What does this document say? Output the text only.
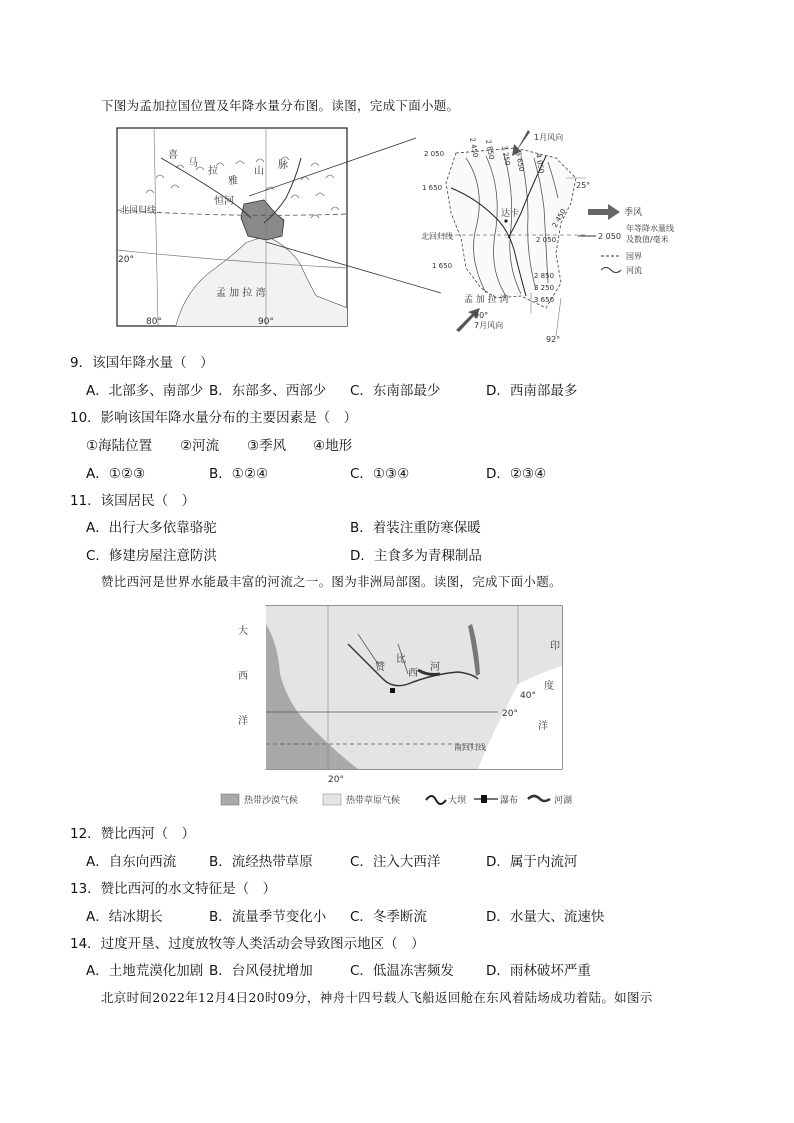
下图为孟加拉国位置及年降水量分布图。读图，完成下面小题。
喜
马
拉
雅
山
脉
恒河
北回归线
20°
孟 加 拉 湾
80°	90°
1月风向
7月风向
25°
90°
92°
达卡
北回归线
孟 加 拉 湾
2 050	2 450 2 850 3 250 3 650 4 050
1 650
2 050
1 650
2 450
2 850
3 250
3 650
季风
2 050
年等降水量线
及数值/毫米
国界
河流
9．该国年降水量（　）
A．北部多、南部少 B．东部多、西部少 C．东南部最少	D．西南部最多
10．影响该国年降水量分布的主要因素是（　）
①海陆位置 ②河流 ③季风 ④地形
A．①②③	B．①②④	C．①③④	D．②③④
11．该国居民（　）
A．出行大多依靠骆驼	B．着装注重防寒保暖
C．修建房屋注意防洪	D．主食多为青稞制品
赞比西河是世界水能最丰富的河流之一。图为非洲局部图。读图，完成下面小题。
大
西
洋
印
度
洋
赞
比
西
河
20°
40°
20°
南回归线
热带沙漠气候	热带草原气候	大坝	瀑布	河湖
12．赞比西河（　）
A．自东向西流 B．流经热带草原	C．注入大西洋	D．属于内流河
13．赞比西河的水文特征是（　）
A．结冰期长	B．流量季节变化小 C．冬季断流	D．水量大、流速快
14．过度开垦、过度放牧等人类活动会导致图示地区（　）
A．土地荒漠化加剧 B．台风侵扰增加	C．低温冻害频发 D．雨林破坏严重
北京时间2022年12月4日20时09分，神舟十四号载人飞船返回舱在东风着陆场成功着陆。如图示
